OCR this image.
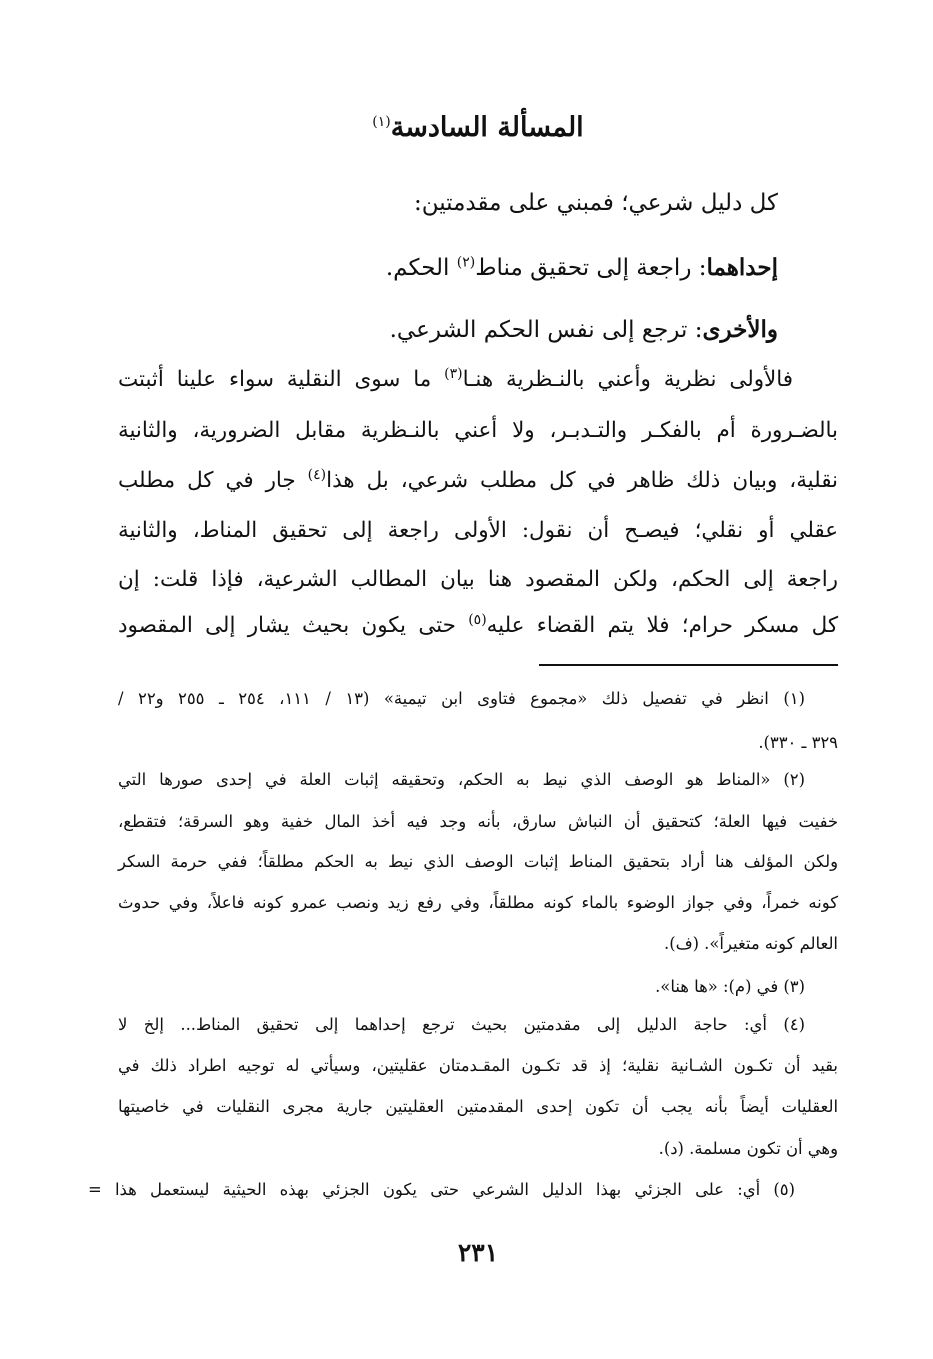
المسألة السادسة$^{(١)}$
كل دليل شرعي؛ فمبني على مقدمتين:
إحداهما: راجعة إلى تحقيق مناط$^{(٢)}$ الحكم.
والأخرى: ترجع إلى نفس الحكم الشرعي.
فالأولى نظرية وأعني بالنـظرية هنـا$^{(٣)}$ ما سوى النقلية سواء علينا أثبتت
بالضـرورة أم بالفكـر والتـدبـر، ولا أعني بالنـظرية مقابل الضرورية، والثانية
نقلية، وبيان ذلك ظاهر في كل مطلب شرعي، بل هذا$^{(٤)}$ جار في كل مطلب
عقلي أو نقلي؛ فيصـح أن نقول: الأولى راجعة إلى تحقيق المناط، والثانية
راجعة إلى الحكم، ولكن المقصود هنا بيان المطالب الشرعية، فإذا قلت: إن
كل مسكر حرام؛ فلا يتم القضاء عليه$^{(٥)}$ حتى يكون بحيث يشار إلى المقصود
(١) انظر في تفصيل ذلك «مجموع فتاوى ابن تيمية» (١٣ / ١١١، ٢٥٤ ـ ٢٥٥ و٢٢ /
٣٢٩ ـ ٣٣٠).
(٢) «المناط هو الوصف الذي نيط به الحكم، وتحقيقه إثبات العلة في إحدى صورها التي
خفيت فيها العلة؛ كتحقيق أن النباش سارق، بأنه وجد فيه أخذ المال خفية وهو السرقة؛ فتقطع،
ولكن المؤلف هنا أراد بتحقيق المناط إثبات الوصف الذي نيط به الحكم مطلقاً؛ ففي حرمة السكر
كونه خمراً، وفي جواز الوضوء بالماء كونه مطلقاً، وفي رفع زيد ونصب عمرو كونه فاعلاً، وفي حدوث
العالم كونه متغيراً». (ف).
(٣) في (م): «ها هنا».
(٤) أي: حاجة الدليل إلى مقدمتين بحيث ترجع إحداهما إلى تحقيق المناط... إلخ لا
بقيد أن تكـون الشـانية نقلية؛ إذ قد تكـون المقـدمتان عقليتين، وسيأتي له توجيه اطراد ذلك في
العقليات أيضاً بأنه يجب أن تكون إحدى المقدمتين العقليتين جارية مجرى النقليات في خاصيتها
وهي أن تكون مسلمة. (د).
(٥) أي: على الجزئي بهذا الدليل الشرعي حتى يكون الجزئي بهذه الحيثية ليستعمل هذا =
٢٣١
